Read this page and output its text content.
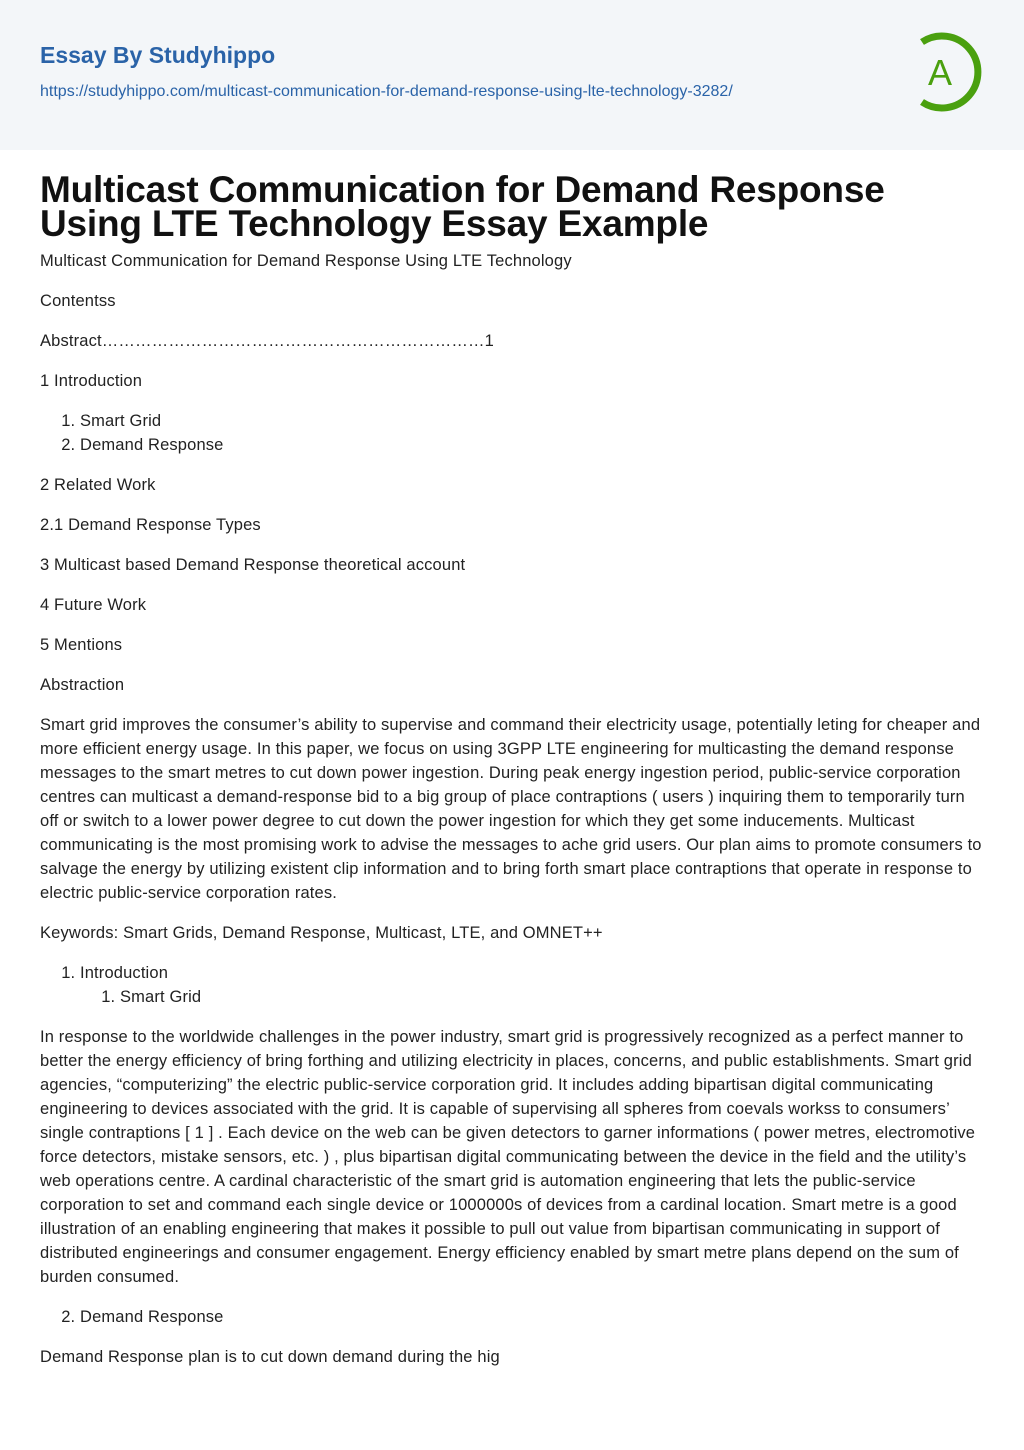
Essay By Studyhippo
https://studyhippo.com/multicast-communication-for-demand-response-using-lte-technology-3282/	A
Multicast Communication for Demand Response Using LTE Technology Essay Example

Multicast Communication for Demand Response Using LTE Technology

Contentss

Abstract……………………………………………………………1

1 Introduction

1. Smart Grid
2. Demand Response

2 Related Work

2.1 Demand Response Types

3 Multicast based Demand Response theoretical account

4 Future Work

5 Mentions

Abstraction

Smart grid improves the consumer’s ability to supervise and command their electricity usage, potentially leting for cheaper and more efficient energy usage. In this paper, we focus on using 3GPP LTE engineering for multicasting the demand response messages to the smart metres to cut down power ingestion. During peak energy ingestion period, public-service corporation centres can multicast a demand-response bid to a big group of place contraptions ( users ) inquiring them to temporarily turn off or switch to a lower power degree to cut down the power ingestion for which they get some inducements. Multicast communicating is the most promising work to advise the messages to ache grid users. Our plan aims to promote consumers to salvage the energy by utilizing existent clip information and to bring forth smart place contraptions that operate in response to electric public-service corporation rates.

Keywords: Smart Grids, Demand Response, Multicast, LTE, and OMNET++

1. Introduction
1. Smart Grid

In response to the worldwide challenges in the power industry, smart grid is progressively recognized as a perfect manner to better the energy efficiency of bring forthing and utilizing electricity in places, concerns, and public establishments. Smart grid agencies, “computerizing” the electric public-service corporation grid. It includes adding bipartisan digital communicating engineering to devices associated with the grid. It is capable of supervising all spheres from coevals workss to consumers’ single contraptions [ 1 ] . Each device on the web can be given detectors to garner informations ( power metres, electromotive force detectors, mistake sensors, etc. ) , plus bipartisan digital communicating between the device in the field and the utility’s web operations centre. A cardinal characteristic of the smart grid is automation engineering that lets the public-service corporation to set and command each single device or 1000000s of devices from a cardinal location. Smart metre is a good illustration of an enabling engineering that makes it possible to pull out value from bipartisan communicating in support of distributed engineerings and consumer engagement. Energy efficiency enabled by smart metre plans depend on the sum of burden consumed.

2. Demand Response

Demand Response plan is to cut down demand during the hig
